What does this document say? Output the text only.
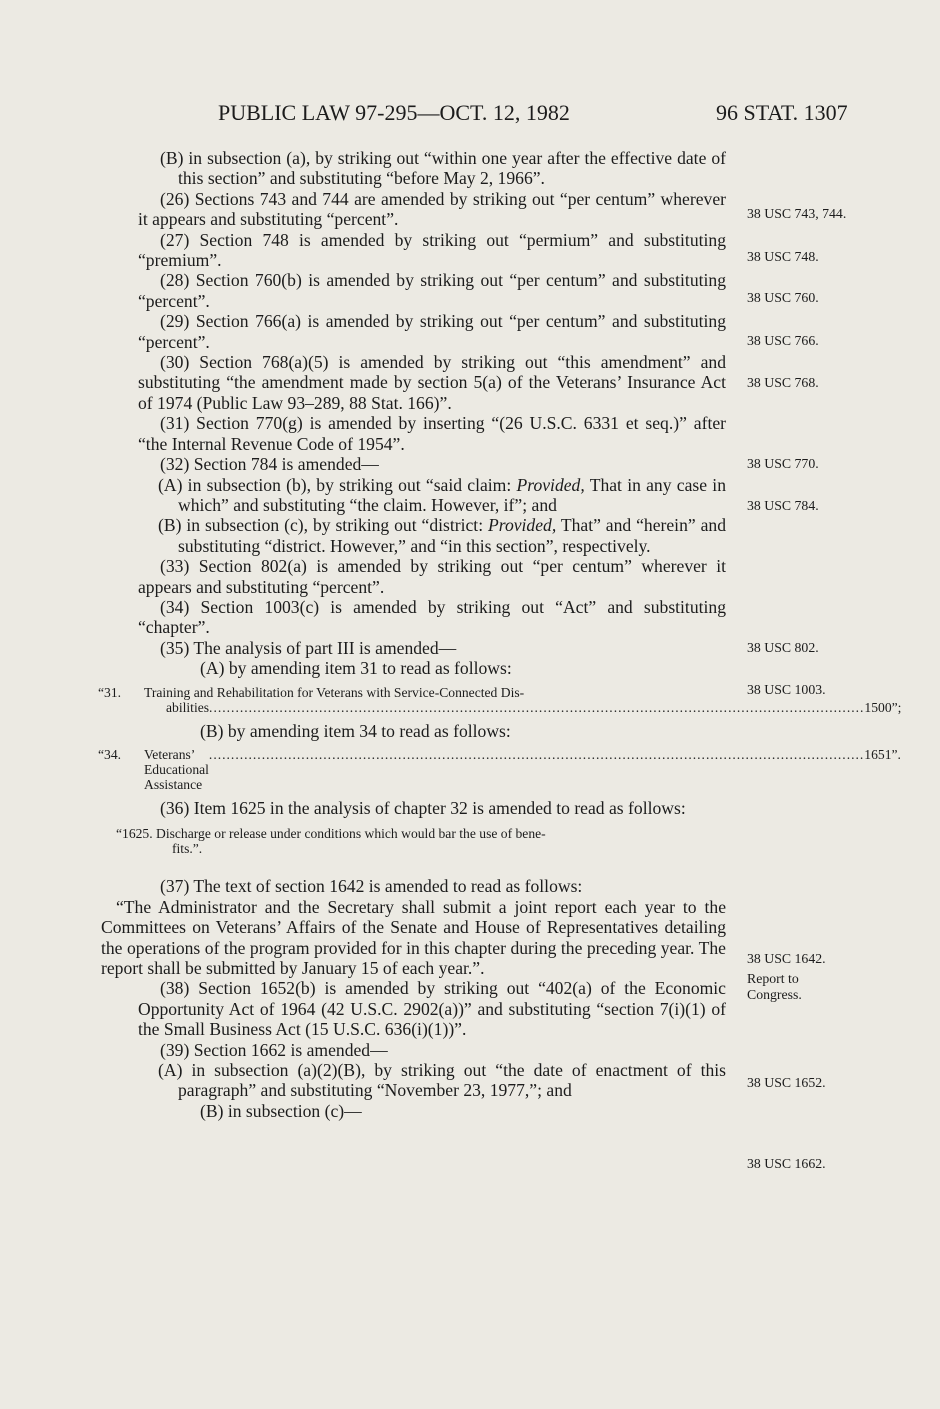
PUBLIC LAW 97-295—OCT. 12, 1982	96 STAT. 1307

(B) in subsection (a), by striking out “within one year after the effective date of this section” and substituting “before May 2, 1966”.

(26) Sections 743 and 744 are amended by striking out “per centum” wherever it appears and substituting “percent”.

(27) Section 748 is amended by striking out “permium” and substituting “premium”.

(28) Section 760(b) is amended by striking out “per centum” and substituting “percent”.

(29) Section 766(a) is amended by striking out “per centum” and substituting “percent”.

(30) Section 768(a)(5) is amended by striking out “this amendment” and substituting “the amendment made by section 5(a) of the Veterans’ Insurance Act of 1974 (Public Law 93–289, 88 Stat. 166)”.

(31) Section 770(g) is amended by inserting “(26 U.S.C. 6331 et seq.)” after “the Internal Revenue Code of 1954”.

(32) Section 784 is amended—

(A) in subsection (b), by striking out “said claim: Provided, That in any case in which” and substituting “the claim. However, if”; and

(B) in subsection (c), by striking out “district: Provided, That” and “herein” and substituting “district. However,” and “in this section”, respectively.

(33) Section 802(a) is amended by striking out “per centum” wherever it appears and substituting “percent”.

(34) Section 1003(c) is amended by striking out “Act” and substituting “chapter”.

(35) The analysis of part III is amended—

(A) by amending item 31 to read as follows:

“31.	Training and Rehabilitation for Veterans with Service-Connected Dis-
abilities ..................................................................................................................................................... 1500”;

(B) by amending item 34 to read as follows:

“34.	Veterans’ Educational Assistance
..................................................................................................................................................... 1651”.

(36) Item 1625 in the analysis of chapter 32 is amended to read as follows:

“1625. Discharge or release under conditions which would bar the use of bene-
fits.”.

(37) The text of section 1642 is amended to read as follows:

“The Administrator and the Secretary shall submit a joint report each year to the Committees on Veterans’ Affairs of the Senate and House of Representatives detailing the operations of the program provided for in this chapter during the preceding year. The report shall be submitted by January 15 of each year.”.

(38) Section 1652(b) is amended by striking out “402(a) of the Economic Opportunity Act of 1964 (42 U.S.C. 2902(a))” and substituting “section 7(i)(1) of the Small Business Act (15 U.S.C. 636(i)(1))”.

(39) Section 1662 is amended—

(A) in subsection (a)(2)(B), by striking out “the date of enactment of this paragraph” and substituting “November 23, 1977,”; and

(B) in subsection (c)—

38 USC 743, 744.
38 USC 748.
38 USC 760.
38 USC 766.
38 USC 768.
38 USC 770.
38 USC 784.
38 USC 802.
38 USC 1003.
38 USC 1642.
Report to Congress.
38 USC 1652.
38 USC 1662.
